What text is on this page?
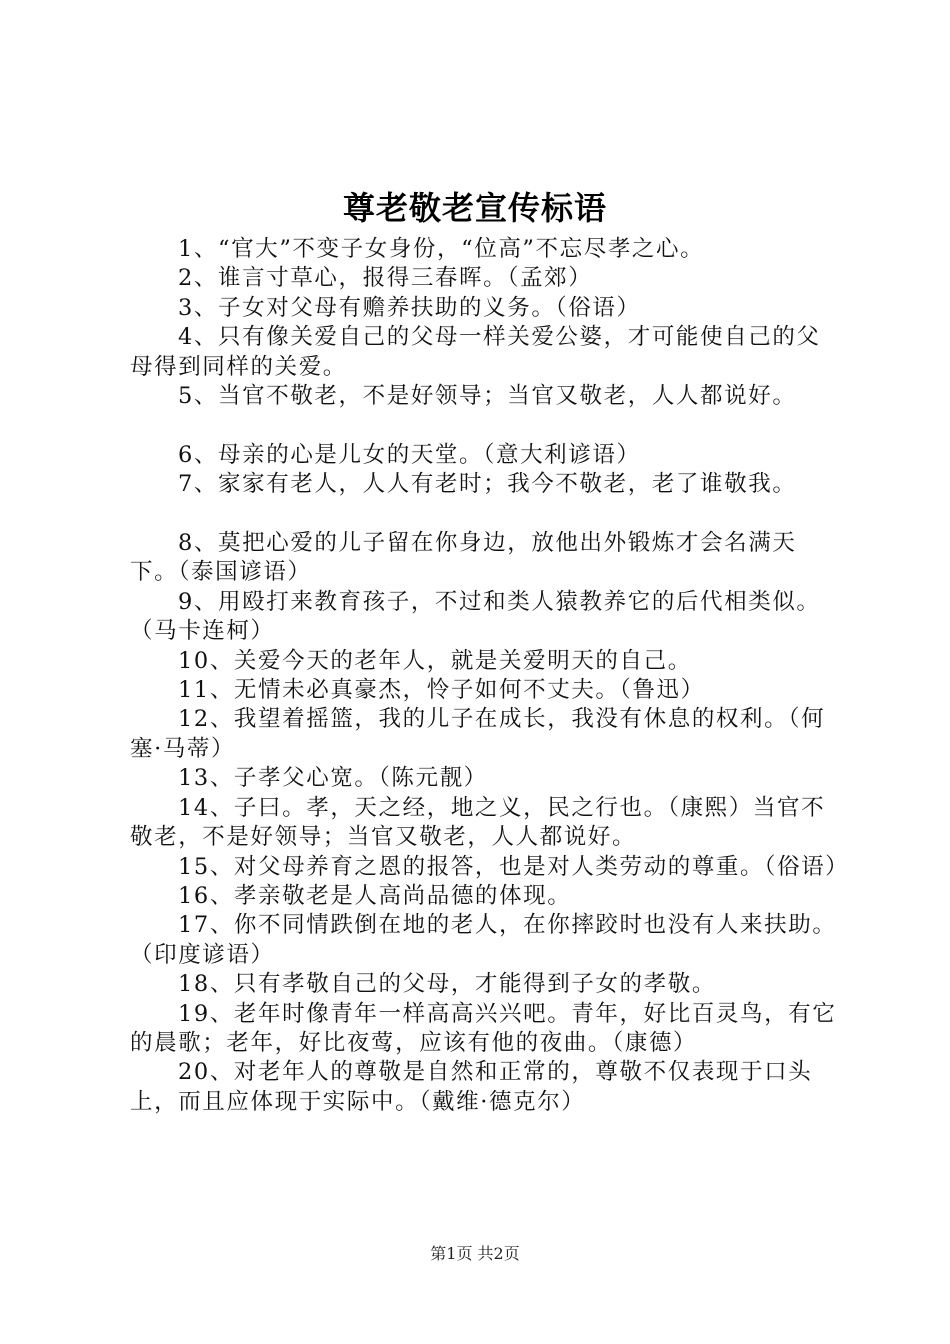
尊老敬老宣传标语

1、“官大”不变子女身份，“位高”不忘尽孝之心。

2、谁言寸草心，报得三春晖。（孟郊）

3、子女对父母有赡养扶助的义务。（俗语）

4、只有像关爱自己的父母一样关爱公婆，才可能使自己的父母得到同样的关爱。

5、当官不敬老，不是好领导；当官又敬老，人人都说好。

6、母亲的心是儿女的天堂。（意大利谚语）

7、家家有老人，人人有老时；我今不敬老，老了谁敬我。

8、莫把心爱的儿子留在你身边，放他出外锻炼才会名满天下。（泰国谚语）

9、用殴打来教育孩子，不过和类人猿教养它的后代相类似。（马卡连柯）

10、关爱今天的老年人，就是关爱明天的自己。

11、无情未必真豪杰，怜子如何不丈夫。（鲁迅）

12、我望着摇篮，我的儿子在成长，我没有休息的权利。（何塞·马蒂）

13、子孝父心宽。（陈元靓）

14、子曰。孝，天之经，地之义，民之行也。（康熙）当官不敬老，不是好领导；当官又敬老，人人都说好。

15、对父母养育之恩的报答，也是对人类劳动的尊重。（俗语）

16、孝亲敬老是人高尚品德的体现。

17、你不同情跌倒在地的老人，在你摔跤时也没有人来扶助。（印度谚语）

18、只有孝敬自己的父母，才能得到子女的孝敬。

19、老年时像青年一样高高兴兴吧。青年，好比百灵鸟，有它的晨歌；老年，好比夜莺，应该有他的夜曲。（康德）

20、对老年人的尊敬是自然和正常的，尊敬不仅表现于口头上，而且应体现于实际中。（戴维·德克尔）

第1页 共2页
